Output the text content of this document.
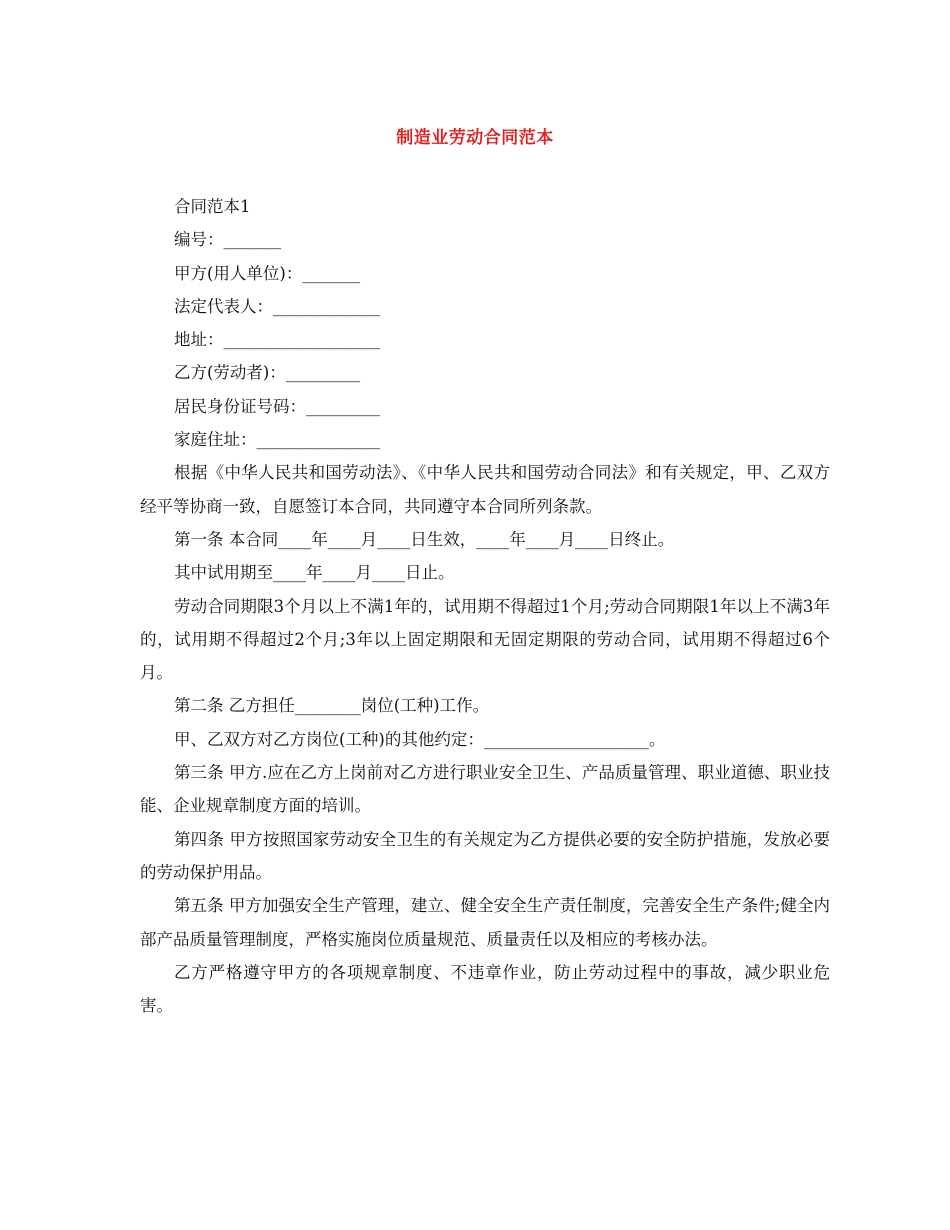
制造业劳动合同范本
合同范本1
编号：_______
甲方(用人单位)：_______
法定代表人：_____________
地址：___________________
乙方(劳动者)：_________
居民身份证号码：_________
家庭住址：_______________
根据《中华人民共和国劳动法》、《中华人民共和国劳动合同法》和有关规定，甲、乙双方经平等协商一致，自愿签订本合同，共同遵守本合同所列条款。
第一条 本合同____年____月____日生效，____年____月____日终止。
其中试用期至____年____月____日止。
劳动合同期限3个月以上不满1年的，试用期不得超过1个月;劳动合同期限1年以上不满3年的，试用期不得超过2个月;3年以上固定期限和无固定期限的劳动合同，试用期不得超过6个月。
第二条 乙方担任________岗位(工种)工作。
甲、乙双方对乙方岗位(工种)的其他约定：____________________。
第三条 甲方.应在乙方上岗前对乙方进行职业安全卫生、产品质量管理、职业道德、职业技能、企业规章制度方面的培训。
第四条 甲方按照国家劳动安全卫生的有关规定为乙方提供必要的安全防护措施，发放必要的劳动保护用品。
第五条 甲方加强安全生产管理，建立、健全安全生产责任制度，完善安全生产条件;健全内部产品质量管理制度，严格实施岗位质量规范、质量责任以及相应的考核办法。
乙方严格遵守甲方的各项规章制度、不违章作业，防止劳动过程中的事故，减少职业危害。
